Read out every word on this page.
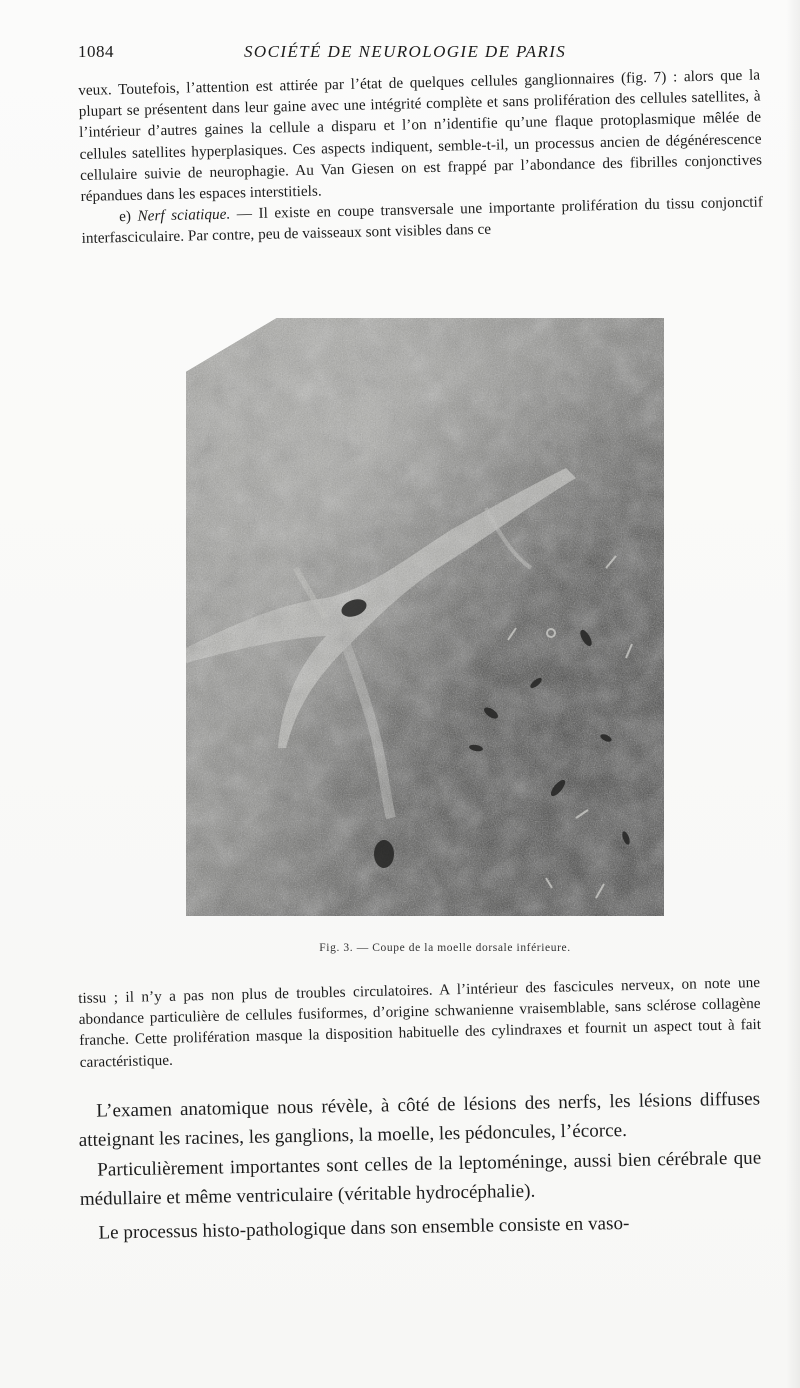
1084	SOCIÉTÉ DE NEUROLOGIE DE PARIS

veux. Toutefois, l’attention est attirée par l’état de quelques cellules ganglionnaires (fig. 7) : alors que la plupart se présentent dans leur gaine avec une intégrité complète et sans prolifération des cellules satellites, à l’intérieur d’autres gaines la cellule a disparu et l’on n’identifie qu’une flaque protoplasmique mêlée de cellules satellites hyperplasiques. Ces aspects indiquent, semble-t-il, un processus ancien de dégénérescence cellulaire suivie de neurophagie. Au Van Giesen on est frappé par l’abondance des fibrilles conjonctives répandues dans les espaces interstitiels.

e) Nerf sciatique. — Il existe en coupe transversale une importante prolifération du tissu conjonctif interfasciculaire. Par contre, peu de vaisseaux sont visibles dans ce

Fig. 3. — Coupe de la moelle dorsale inférieure.

tissu ; il n’y a pas non plus de troubles circulatoires. A l’intérieur des fascicules nerveux, on note une abondance particulière de cellules fusiformes, d’origine schwanienne vraisemblable, sans sclérose collagène franche. Cette prolifération masque la disposition habituelle des cylindraxes et fournit un aspect tout à fait caractéristique.

L’examen anatomique nous révèle, à côté de lésions des nerfs, les lésions diffuses atteignant les racines, les ganglions, la moelle, les pédoncules, l’écorce.

Particulièrement importantes sont celles de la leptoméninge, aussi bien cérébrale que médullaire et même ventriculaire (véritable hydrocéphalie).

Le processus histo-pathologique dans son ensemble consiste en vaso-
